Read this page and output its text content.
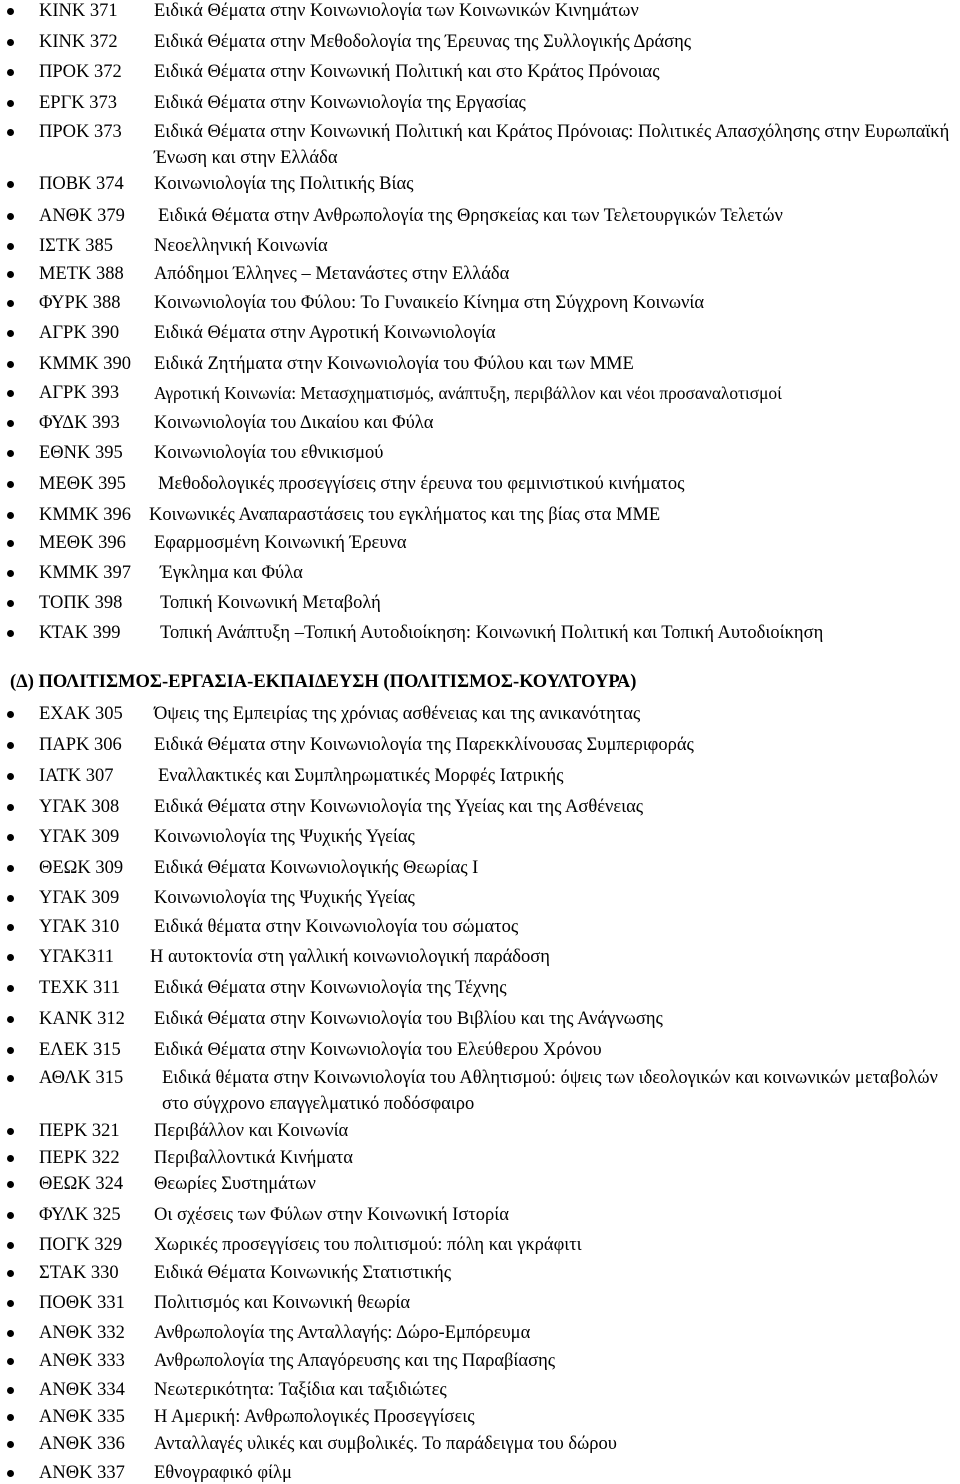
ΚΙΝΚ 371 Ειδικά Θέματα στην Κοινωνιολογία των Κοινωνικών Κινημάτων
ΚΙΝΚ 372 Ειδικά Θέματα στην Μεθοδολογία της Έρευνας της Συλλογικής Δράσης
ΠΡΟΚ 372 Ειδικά Θέματα στην Κοινωνική Πολιτική και στο Κράτος Πρόνοιας
ΕΡΓΚ 373 Ειδικά Θέματα στην Κοινωνιολογία της Εργασίας
ΠΡΟΚ 373 Ειδικά Θέματα στην Κοινωνική Πολιτική και Κράτος Πρόνοιας: Πολιτικές Απασχόλησης στην Ευρωπαϊκή Ένωση και στην Ελλάδα
ΠΟΒΚ 374 Κοινωνιολογία της Πολιτικής Βίας
ΑΝΘΚ 379 Ειδικά Θέματα στην Ανθρωπολογία της Θρησκείας και των Τελετουργικών Τελετών
ΙΣΤΚ 385 Νεοελληνική Κοινωνία
ΜΕΤΚ 388 Απόδημοι Έλληνες – Μετανάστες στην Ελλάδα
ΦΥΡΚ 388 Κοινωνιολογία του Φύλου: Το Γυναικείο Κίνημα στη Σύγχρονη Κοινωνία
ΑΓΡΚ 390 Ειδικά Θέματα στην Αγροτική Κοινωνιολογία
ΚΜΜΚ 390 Ειδικά Ζητήματα στην Κοινωνιολογία του Φύλου και των ΜΜΕ
ΑΓΡΚ 393 Αγροτική Κοινωνία: Μετασχηματισμός, ανάπτυξη, περιβάλλον και νέοι προσαναλοτισμοί
ΦΥΔΚ 393 Κοινωνιολογία του Δικαίου και Φύλα
ΕΘΝΚ 395 Κοινωνιολογία του εθνικισμού
ΜΕΘΚ 395 Μεθοδολογικές προσεγγίσεις στην έρευνα του φεμινιστικού κινήματος
ΚΜΜΚ 396 Κοινωνικές Αναπαραστάσεις του εγκλήματος και της βίας στα ΜΜΕ
ΜΕΘΚ 396 Εφαρμοσμένη Κοινωνική Έρευνα
ΚΜΜΚ 397 Έγκλημα και Φύλα
ΤΟΠΚ 398 Τοπική Κοινωνική Μεταβολή
ΚΤΑΚ 399 Τοπική Ανάπτυξη –Τοπική Αυτοδιοίκηση: Κοινωνική Πολιτική και Τοπική Αυτοδιοίκηση
(Δ) ΠΟΛΙΤΙΣΜΟΣ-ΕΡΓΑΣΙΑ-ΕΚΠΑΙΔΕΥΣΗ (ΠΟΛΙΤΙΣΜΟΣ-ΚΟΥΛΤΟΥΡΑ)
ΕΧΑΚ 305 Όψεις της Εμπειρίας της χρόνιας ασθένειας και της ανικανότητας
ΠΑΡΚ 306 Ειδικά Θέματα στην Κοινωνιολογία της Παρεκκλίνουσας Συμπεριφοράς
ΙΑΤΚ 307 Εναλλακτικές και Συμπληρωματικές Μορφές Ιατρικής
ΥΓΑΚ 308 Ειδικά Θέματα στην Κοινωνιολογία της Υγείας και της Ασθένειας
ΥΓΑΚ 309 Κοινωνιολογία της Ψυχικής Υγείας
ΘΕΩΚ 309 Ειδικά Θέματα Κοινωνιολογικής Θεωρίας Ι
ΥΓΑΚ 309 Κοινωνιολογία της Ψυχικής Υγείας
ΥΓΑΚ 310 Ειδικά θέματα στην Κοινωνιολογία του σώματος
ΥΓΑΚ311 Η αυτοκτονία στη γαλλική κοινωνιολογική παράδοση
ΤΕΧΚ 311 Ειδικά Θέματα στην Κοινωνιολογία της Τέχνης
ΚΑΝΚ 312 Ειδικά Θέματα στην Κοινωνιολογία του Βιβλίου και της Ανάγνωσης
ΕΛΕΚ 315 Ειδικά Θέματα στην Κοινωνιολογία του Ελεύθερου Χρόνου
ΑΘΛΚ 315 Ειδικά θέματα στην Κοινωνιολογία του Αθλητισμού: όψεις των ιδεολογικών και κοινωνικών μεταβολών στο σύγχρονο επαγγελματικό ποδόσφαιρο
ΠΕΡΚ 321 Περιβάλλον και Κοινωνία
ΠΕΡΚ 322 Περιβαλλοντικά Κινήματα
ΘΕΩΚ 324 Θεωρίες Συστημάτων
ΦΥΛΚ 325 Οι σχέσεις των Φύλων στην Κοινωνική Ιστορία
ΠΟΓΚ 329 Χωρικές προσεγγίσεις του πολιτισμού: πόλη και γκράφιτι
ΣΤΑΚ 330 Ειδικά Θέματα Κοινωνικής Στατιστικής
ΠΟΘΚ 331 Πολιτισμός και Κοινωνική θεωρία
ΑΝΘΚ 332 Ανθρωπολογία της Ανταλλαγής: Δώρο-Εμπόρευμα
ΑΝΘΚ 333 Ανθρωπολογία της Απαγόρευσης και της Παραβίασης
ΑΝΘΚ 334 Νεωτερικότητα: Ταξίδια και ταξιδιώτες
ΑΝΘΚ 335 Η Αμερική: Ανθρωπολογικές Προσεγγίσεις
ΑΝΘΚ 336 Ανταλλαγές υλικές και συμβολικές. Το παράδειγμα του δώρου
ΑΝΘΚ 337 Εθνογραφικό φίλμ
